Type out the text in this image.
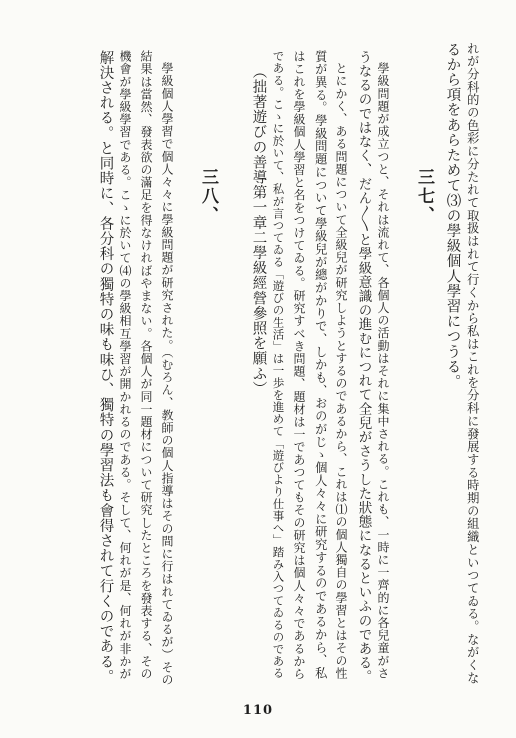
れが分科的の色彩に分たれて取扱はれて行くから私はこれを分科に發展する時期の組織といつてゐる。ながくな

るから項をあらためて⑶の學級個人學習につうる。

三七、

學級問題が成立つと、それは流れて、各個人の活動はそれに集中される。これも、一時に一齊的に各兒童がさ

うなるのではなく、だん〳〵と學級意識の進むにつれて全兒がさうした狀態になるといふのである。

とにかく、ある問題について全級兒が研究しようとするのであるから、これは⑴の個人獨自の學習とはその性

質が異る。學級問題について學級兒が總がかりで、しかも、おのがじゝ個人々々に研究するのであるから、私

はこれを學級個人學習と名をつけてゐる。研究すべき問題、題材は一であつてもその研究は個人々々であるから

である。こゝに於いて、私が言つてゐる「遊びの生活」は一歩を進めて「遊びより仕事へ」踏み入つてゐるのである

（拙著遊びの善導第一章二學級經營參照を願ふ）

三八、

學級個人學習で個人々々に學級問題が研究された。（むろん、教師の個人指導はその間に行はれてゐるが）その

結果は當然、發表欲の滿足を得なければやまない。各個人が同一題材について研究したところを發表する、その

機會が學級學習である。こゝに於いて⑷の學級相互學習が開かれるのである。そして、何れが是、何れが非かが

解決される。と同時に、各分科の獨特の味も味ひ、獨特の學習法も會得されて行くのである。

110
